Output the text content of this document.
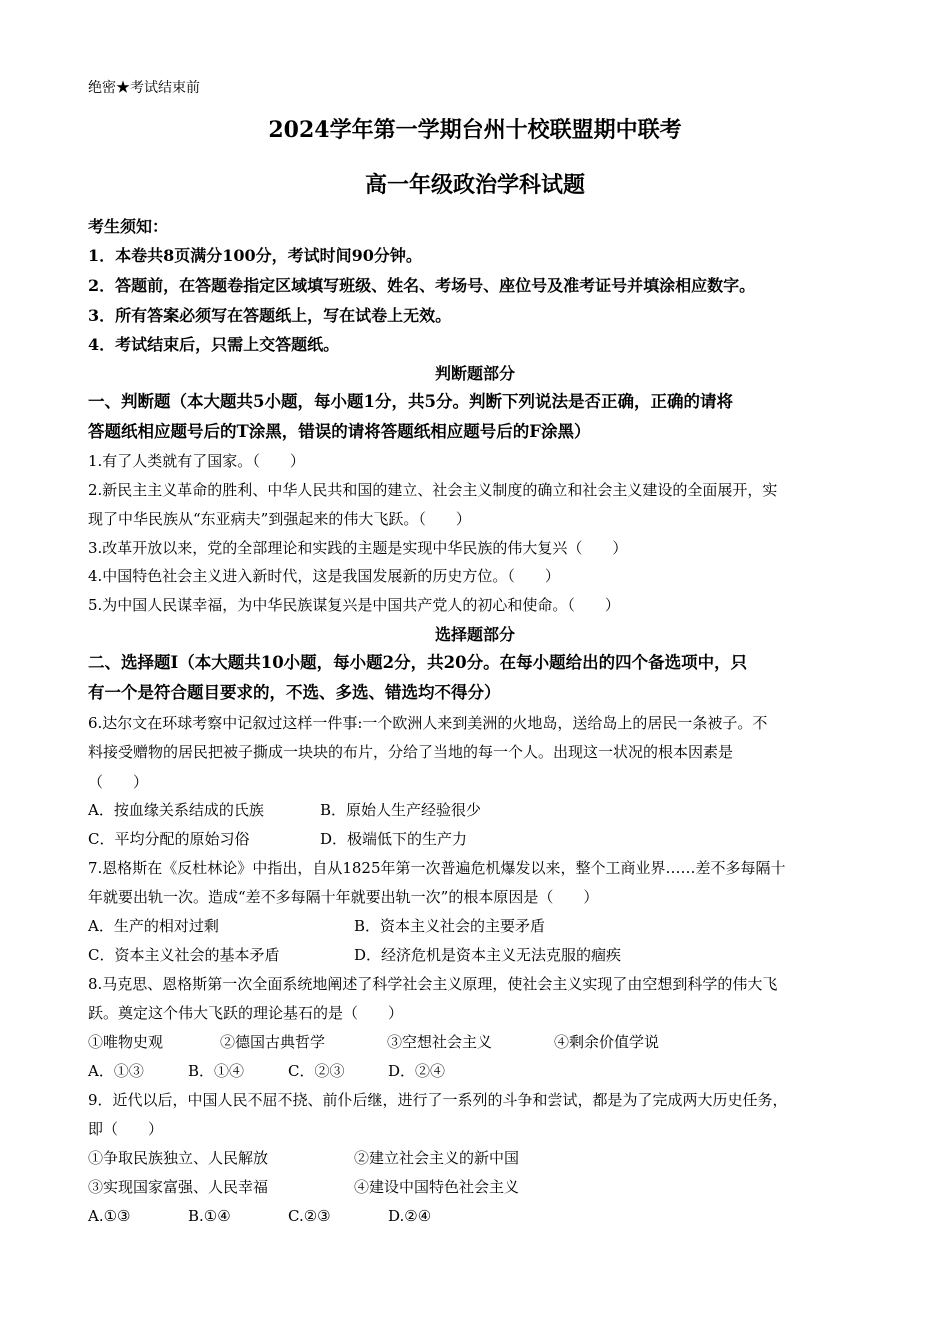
绝密★考试结束前
2024学年第一学期台州十校联盟期中联考
高一年级政治学科试题
考生须知：
1．本卷共8页满分100分，考试时间90分钟。
2．答题前，在答题卷指定区域填写班级、姓名、考场号、座位号及准考证号并填涂相应数字。
3．所有答案必须写在答题纸上，写在试卷上无效。
4．考试结束后，只需上交答题纸。
判断题部分
一、判断题（本大题共5小题，每小题1分，共5分。判断下列说法是否正确，正确的请将
答题纸相应题号后的T涂黑，错误的请将答题纸相应题号后的F涂黑）
1.有了人类就有了国家。（　　）
2.新民主主义革命的胜利、中华人民共和国的建立、社会主义制度的确立和社会主义建设的全面展开，实
现了中华民族从“东亚病夫”到强起来的伟大飞跃。（　　）
3.改革开放以来，党的全部理论和实践的主题是实现中华民族的伟大复兴（　　）
4.中国特色社会主义进入新时代，这是我国发展新的历史方位。（　　）
5.为中国人民谋幸福，为中华民族谋复兴是中国共产党人的初心和使命。（　　）
选择题部分
二、选择题Ⅰ（本大题共10小题，每小题2分，共20分。在每小题给出的四个备选项中，只
有一个是符合题目要求的，不选、多选、错选均不得分）
6.达尔文在环球考察中记叙过这样一件事:一个欧洲人来到美洲的火地岛，送给岛上的居民一条被子。不
料接受赠物的居民把被子撕成一块块的布片，分给了当地的每一个人。出现这一状况的根本因素是
（　　）
A．按血缘关系结成的氏族	B．原始人生产经验很少
C．平均分配的原始习俗	D．极端低下的生产力
7.恩格斯在《反杜林论》中指出，自从1825年第一次普遍危机爆发以来，整个工商业界……差不多每隔十
年就要出轨一次。造成“差不多每隔十年就要出轨一次”的根本原因是（　　）
A．生产的相对过剩	B．资本主义社会的主要矛盾
C．资本主义社会的基本矛盾	D．经济危机是资本主义无法克服的痼疾
8.马克思、恩格斯第一次全面系统地阐述了科学社会主义原理，使社会主义实现了由空想到科学的伟大飞
跃。奠定这个伟大飞跃的理论基石的是（　　）
①唯物史观	②德国古典哲学	③空想社会主义	④剩余价值学说
A．①③	B．①④	C．②③	D．②④
9．近代以后，中国人民不屈不挠、前仆后继，进行了一系列的斗争和尝试，都是为了完成两大历史任务，
即（　　）
①争取民族独立、人民解放	②建立社会主义的新中国
③实现国家富强、人民幸福	④建设中国特色社会主义
A.①③	B.①④	C.②③	D.②④
